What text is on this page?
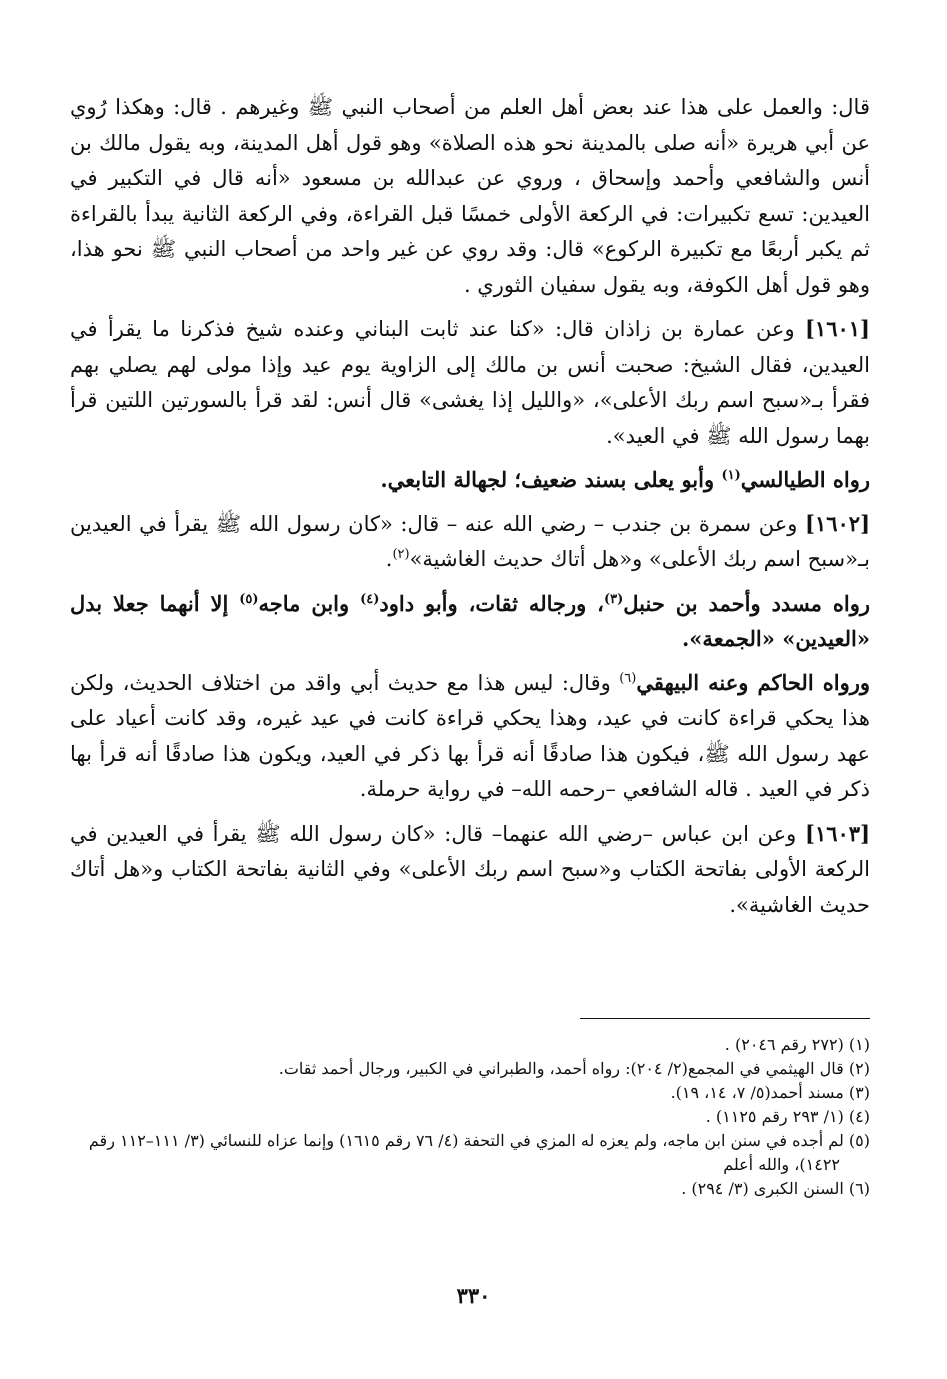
قال: والعمل على هذا عند بعض أهل العلم من أصحاب النبي ﷺ وغيرهم . قال: وهكذا رُوي عن أبي هريرة «أنه صلى بالمدينة نحو هذه الصلاة» وهو قول أهل المدينة، وبه يقول مالك بن أنس والشافعي وأحمد وإسحاق ، وروي عن عبدالله بن مسعود «أنه قال في التكبير في العيدين: تسع تكبيرات: في الركعة الأولى خمسًا قبل القراءة، وفي الركعة الثانية يبدأ بالقراءة ثم يكبر أربعًا مع تكبيرة الركوع» قال: وقد روي عن غير واحد من أصحاب النبي ﷺ نحو هذا، وهو قول أهل الكوفة، وبه يقول سفيان الثوري .

[١٦٠١] وعن عمارة بن زاذان قال: «كنا عند ثابت البناني وعنده شيخ فذكرنا ما يقرأ في العيدين، فقال الشيخ: صحبت أنس بن مالك إلى الزاوية يوم عيد وإذا مولى لهم يصلي بهم فقرأ بـ«سبح اسم ربك الأعلى»، «والليل إذا يغشى» قال أنس: لقد قرأ بالسورتين اللتين قرأ بهما رسول الله ﷺ في العيد».

رواه الطيالسي$^{(١)}$ وأبو يعلى بسند ضعيف؛ لجهالة التابعي.

[١٦٠٢] وعن سمرة بن جندب – رضي الله عنه – قال: «كان رسول الله ﷺ يقرأ في العيدين بـ«سبح اسم ربك الأعلى» و«هل أتاك حديث الغاشية»$^{(٢)}$.

رواه مسدد وأحمد بن حنبل$^{(٣)}$، ورجاله ثقات، وأبو داود$^{(٤)}$ وابن ماجه$^{(٥)}$ إلا أنهما جعلا بدل «العيدين» «الجمعة».

ورواه الحاكم وعنه البيهقي$^{(٦)}$ وقال: ليس هذا مع حديث أبي واقد من اختلاف الحديث، ولكن هذا يحكي قراءة كانت في عيد، وهذا يحكي قراءة كانت في عيد غيره، وقد كانت أعياد على عهد رسول الله ﷺ، فيكون هذا صادقًا أنه قرأ بها ذكر في العيد، ويكون هذا صادقًا أنه قرأ بها ذكر في العيد . قاله الشافعي –رحمه الله– في رواية حرملة.

[١٦٠٣] وعن ابن عباس –رضي الله عنهما– قال: «كان رسول الله ﷺ يقرأ في العيدين في الركعة الأولى بفاتحة الكتاب و«سبح اسم ربك الأعلى» وفي الثانية بفاتحة الكتاب و«هل أتاك حديث الغاشية».

(١) (٢٧٢ رقم ٢٠٤٦) .

(٢) قال الهيثمي في المجمع(٢/ ٢٠٤): رواه أحمد، والطبراني في الكبير، ورجال أحمد ثقات.

(٣) مسند أحمد(٥/ ٧، ١٤، ١٩).

(٤) (١/ ٢٩٣ رقم ١١٢٥) .

(٥) لم أجده في سنن ابن ماجه، ولم يعزه له المزي في التحفة (٤/ ٧٦ رقم ١٦١٥) وإنما عزاه للنسائي (٣/ ١١١–١١٢ رقم ١٤٢٢)، والله أعلم

(٦) السنن الكبرى (٣/ ٢٩٤) .

٣٣٠
